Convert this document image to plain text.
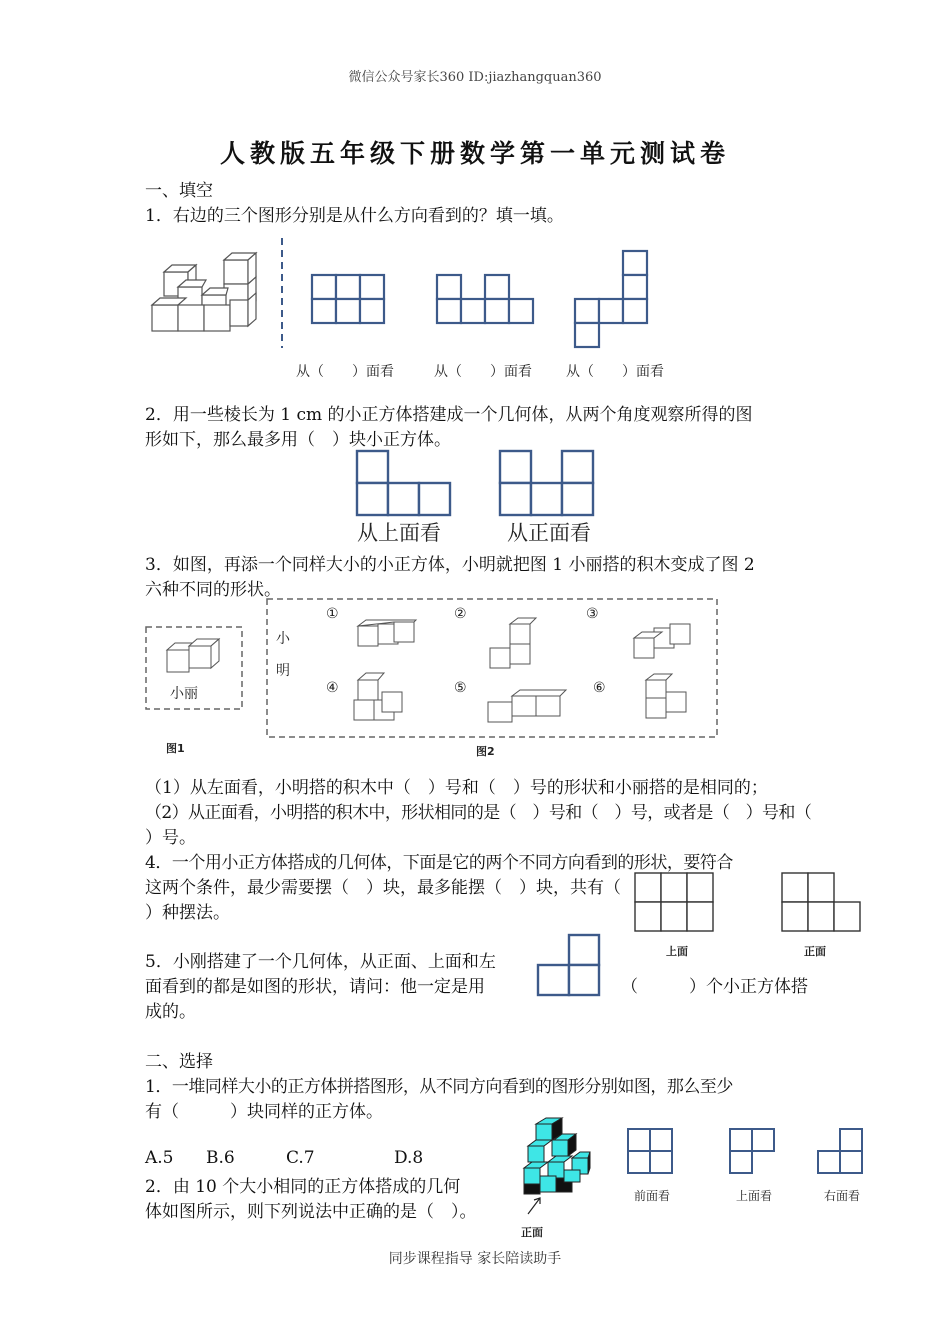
微信公众号家长360 ID:jiazhangquan360
人教版五年级下册数学第一单元测试卷
一、填空
1．右边的三个图形分别是从什么方向看到的？填一填。
从（　　）面看	从（　　）面看 从（　　）面看
2．用一些棱长为 1 cm 的小正方体搭建成一个几何体，从两个角度观察所得的图
形如下，那么最多用（　）块小正方体。
从上面看	从正面看
3．如图，再添一个同样大小的小正方体，小明就把图 1 小丽搭的积木变成了图 2
六种不同的形状。
小丽
图1
小
明
①	②	③
④	⑤	⑥
图2
（1）从左面看，小明搭的积木中（　）号和（　）号的形状和小丽搭的是相同的；
（2）从正面看，小明搭的积木中，形状相同的是（　）号和（　）号，或者是（　）号和（
）号。
4．一个用小正方体搭成的几何体，下面是它的两个不同方向看到的形状，要符合
这两个条件，最少需要摆（　）块，最多能摆（　）块，共有（
）种摆法。
上面	正面
5．小刚搭建了一个几何体，从正面、上面和左
面看到的都是如图的形状，请问：他一定是用
成的。
（　　　）个小正方体搭
二、选择
1．一堆同样大小的正方体拼搭图形，从不同方向看到的图形分别如图，那么至少
有（　　　）块同样的正方体。
A.5 B.6	C.7	D.8
2．由 10 个大小相同的正方体搭成的几何
体如图所示，则下列说法中正确的是（　）。
正面
前面看	上面看	右面看
同步课程指导 家长陪读助手
